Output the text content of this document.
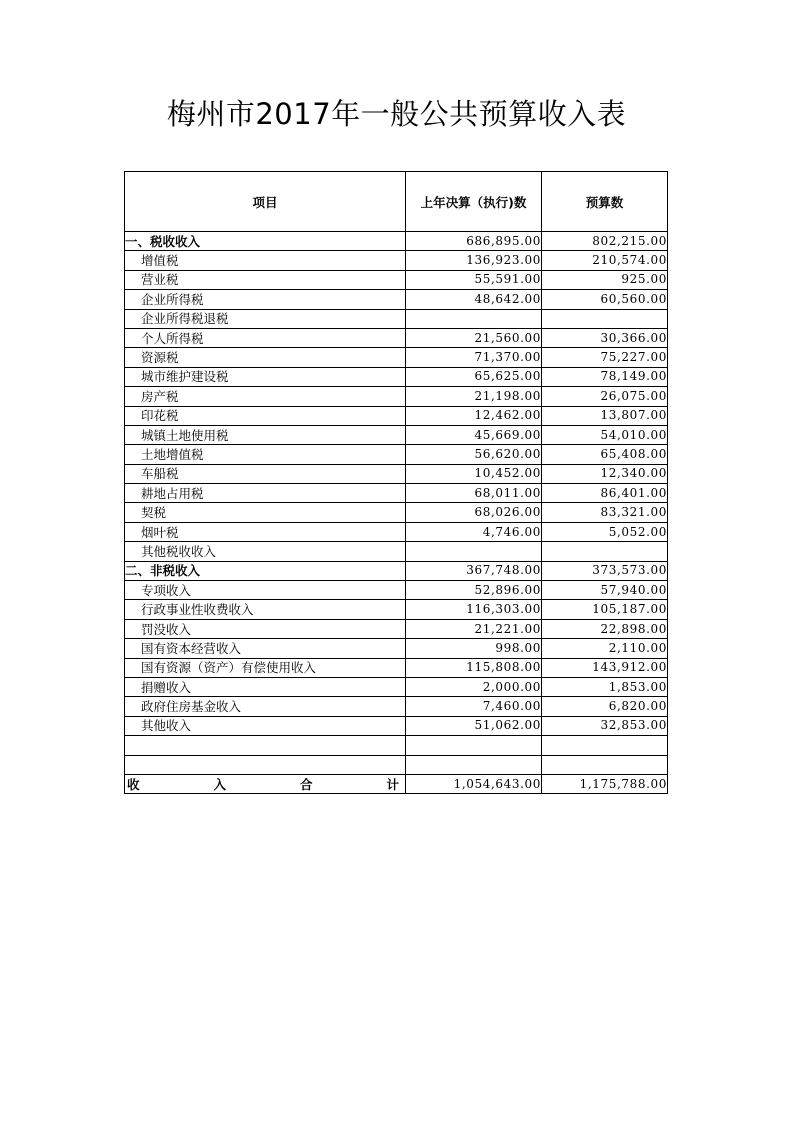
梅州市2017年一般公共预算收入表
项目	上年决算（执行)数	预算数
一、税收收入	686,895.00	802,215.00
增值税	136,923.00	210,574.00
营业税	55,591.00	925.00
企业所得税	48,642.00	60,560.00
企业所得税退税		
个人所得税	21,560.00	30,366.00
资源税	71,370.00	75,227.00
城市维护建设税	65,625.00	78,149.00
房产税	21,198.00	26,075.00
印花税	12,462.00	13,807.00
城镇土地使用税	45,669.00	54,010.00
土地增值税	56,620.00	65,408.00
车船税	10,452.00	12,340.00
耕地占用税	68,011.00	86,401.00
契税	68,026.00	83,321.00
烟叶税	4,746.00	5,052.00
其他税收收入		
二、非税收入	367,748.00	373,573.00
专项收入	52,896.00	57,940.00
行政事业性收费收入	116,303.00	105,187.00
罚没收入	21,221.00	22,898.00
国有资本经营收入	998.00	2,110.00
国有资源（资产）有偿使用收入	115,808.00	143,912.00
捐赠收入	2,000.00	1,853.00
政府住房基金收入	7,460.00	6,820.00
其他收入	51,062.00	32,853.00

收 入 合 计	1,054,643.00	1,175,788.00
